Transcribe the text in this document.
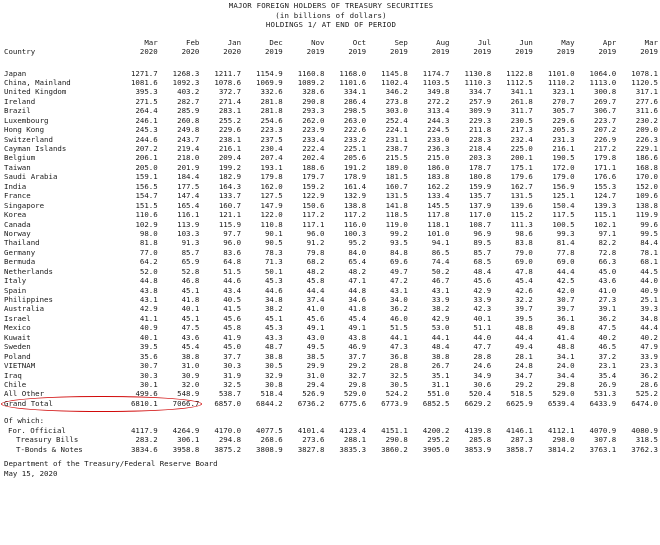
MAJOR FOREIGN HOLDERS OF TREASURY SECURITIES
(in billions of dollars)
HOLDINGS 1/ AT END OF PERIOD
	Mar	Feb	Jan	Dec	Nov	Oct	Sep	Aug	Jul	Jun	May	Apr	Mar
Country	2020	2020	2020	2019	2019	2019	2019	2019	2019	2019	2019	2019	2019

Japan	1271.7	1268.3	1211.7	1154.9	1160.8	1168.0	1145.8	1174.7	1130.8	1122.8	1101.0	1064.0	1078.1
China, Mainland	1081.6	1092.3	1078.6	1069.9	1089.2	1101.6	1102.4	1103.5	1110.3	1112.5	1110.2	1113.0	1120.5
United Kingdom	395.3	403.2	372.7	332.6	328.6	334.1	346.2	349.8	334.7	341.1	323.1	300.8	317.1
Ireland	271.5	282.7	271.4	281.8	290.8	286.4	273.8	272.2	257.9	261.8	270.7	269.7	277.6
Brazil	264.4	285.9	283.1	281.8	293.3	298.5	303.0	313.4	309.9	311.7	305.7	306.7	311.6
Luxembourg	246.1	260.8	255.2	254.6	262.0	263.0	252.4	244.3	229.3	230.5	229.6	223.7	230.2
Hong Kong	245.3	249.8	229.6	223.3	223.9	222.6	224.1	224.5	211.8	217.3	205.3	207.2	209.0
Switzerland	244.6	243.7	238.1	237.5	233.4	233.2	231.1	233.0	228.3	232.4	231.3	226.9	226.3
Cayman Islands	207.2	219.4	216.1	230.4	222.4	225.1	238.7	236.3	218.4	225.0	216.1	217.2	229.1
Belgium	206.1	218.0	209.4	207.4	202.4	205.6	215.5	215.0	203.3	200.1	190.5	179.8	186.6
Taiwan	205.0	201.9	199.2	193.1	188.6	191.2	189.0	186.0	178.7	175.1	172.0	171.1	168.8
Saudi Arabia	159.1	184.4	182.9	179.8	179.7	178.9	181.5	183.8	180.8	179.6	179.0	176.6	170.0
India	156.5	177.5	164.3	162.0	159.2	161.4	160.7	162.2	159.9	162.7	156.9	155.3	152.0
France	154.7	147.4	133.7	127.5	122.9	132.9	131.5	133.4	135.7	131.5	125.1	124.7	109.6
Singapore	151.5	165.4	160.7	147.9	150.6	138.8	141.8	145.5	137.9	139.6	150.4	139.3	138.8
Korea	110.6	116.1	121.1	122.0	117.2	117.2	118.5	117.8	117.0	115.2	117.5	115.1	119.9
Canada	102.9	113.9	115.9	110.8	117.1	116.0	119.0	118.1	108.7	111.3	100.5	102.1	99.6
Norway	98.0	103.3	97.7	90.1	96.0	100.3	99.2	101.0	96.9	98.6	99.3	97.1	99.5
Thailand	81.8	91.3	96.0	90.5	91.2	95.2	93.5	94.1	89.5	83.8	81.4	82.2	84.4
Germany	77.0	85.7	83.6	78.3	79.8	84.0	84.8	86.5	85.7	79.0	77.8	72.8	78.1
Bermuda	64.2	65.9	64.8	71.3	68.2	65.4	69.6	74.4	68.5	69.0	69.0	66.3	68.1
Netherlands	52.0	52.8	51.5	50.1	48.2	48.2	49.7	50.2	48.4	47.8	44.4	45.0	44.5
Italy	44.8	46.8	44.6	45.3	45.8	47.1	47.2	46.7	45.6	45.4	42.5	43.6	44.0
Spain	43.8	45.1	43.4	44.6	44.4	44.8	43.1	43.1	42.9	42.6	42.0	41.0	40.9
Philippines	43.1	41.8	40.5	34.8	37.4	34.6	34.0	33.9	33.9	32.2	30.7	27.3	25.1
Australia	42.9	40.1	41.5	38.2	41.0	41.8	36.2	38.2	42.3	39.7	39.7	39.1	39.3
Israel	41.1	45.1	45.6	45.1	45.6	45.4	46.0	42.9	40.1	39.5	36.1	36.2	34.8
Mexico	40.9	47.5	45.8	45.3	49.1	49.1	51.5	53.0	51.1	48.8	49.8	47.5	44.4
Kuwait	40.1	43.6	41.9	43.3	43.0	43.8	44.1	44.1	44.0	44.4	41.4	40.2	40.2
Sweden	39.5	45.4	45.0	48.7	49.5	46.9	47.3	48.4	47.7	49.4	48.8	46.5	47.9
Poland	35.6	38.8	37.7	38.8	38.5	37.7	36.8	38.8	28.8	28.1	34.1	37.2	33.9
VIETNAM	30.7	31.0	30.3	30.5	29.9	29.2	28.8	26.7	24.6	24.8	24.0	23.1	23.3
Iraq	30.3	30.9	31.9	32.9	31.0	32.7	32.5	35.1	34.9	34.7	34.4	35.4	36.2
Chile	30.1	32.0	32.5	30.8	29.4	29.8	30.5	31.1	30.6	29.2	29.8	26.9	28.6
All Other	499.6	548.9	538.7	518.4	526.9	529.0	524.2	551.0	520.4	518.5	529.0	531.3	525.2
Grand Total	6810.1	7066.7	6857.0	6844.2	6736.2	6775.6	6773.9	6852.5	6629.2	6625.9	6539.4	6433.9	6474.0

Of which:													
For. Official	4117.9	4264.9	4170.0	4077.5	4101.4	4123.4	4151.1	4200.2	4139.8	4146.1	4112.1	4070.9	4080.9
Treasury Bills	283.2	306.1	294.8	268.6	273.6	288.1	290.8	295.2	285.8	287.3	298.0	307.8	318.5
T-Bonds & Notes	3834.6	3958.8	3875.2	3808.9	3827.8	3835.3	3860.2	3905.0	3853.9	3858.7	3814.2	3763.1	3762.3
Department of the Treasury/Federal Reserve Board
May 15, 2020
